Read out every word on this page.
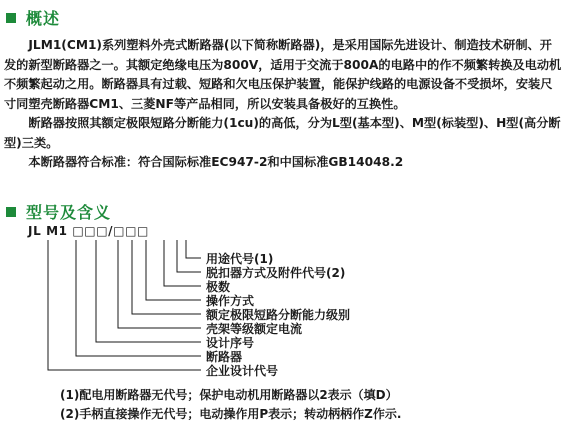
概述

JLM1(CM1)系列塑料外壳式断路器(以下简称断路器)，是采用国际先进设计、制造技术研制、开发的新型断路器之一。其额定绝缘电压为800V，适用于交流于800A的电路中的作不频繁转换及电动机不频繁起动之用。断路器具有过载、短路和欠电压保护装置，能保护线路的电源设备不受损坏，安装尺寸同塑壳断路器CM1、三菱NF等产品相同，所以安装具备极好的互换性。

断路器按照其额定极限短路分断能力(1cu)的高低，分为L型(基本型)、M型(标装型)、H型(高分断型)三类。

本断路器符合标准：符合国际标准EC947-2和中国标准GB14048.2

型号及含义
JL M1 □□□/□□□
用途代号(1)
脱扣器方式及附件代号(2)
极数
操作方式
额定极限短路分断能力级别
壳架等级额定电流
设计序号
断路器
企业设计代号

(1)配电用断路器无代号；保护电动机用断路器以2表示（填D）

(2)手柄直接操作无代号；电动操作用P表示；转动柄柄作Z作示.
